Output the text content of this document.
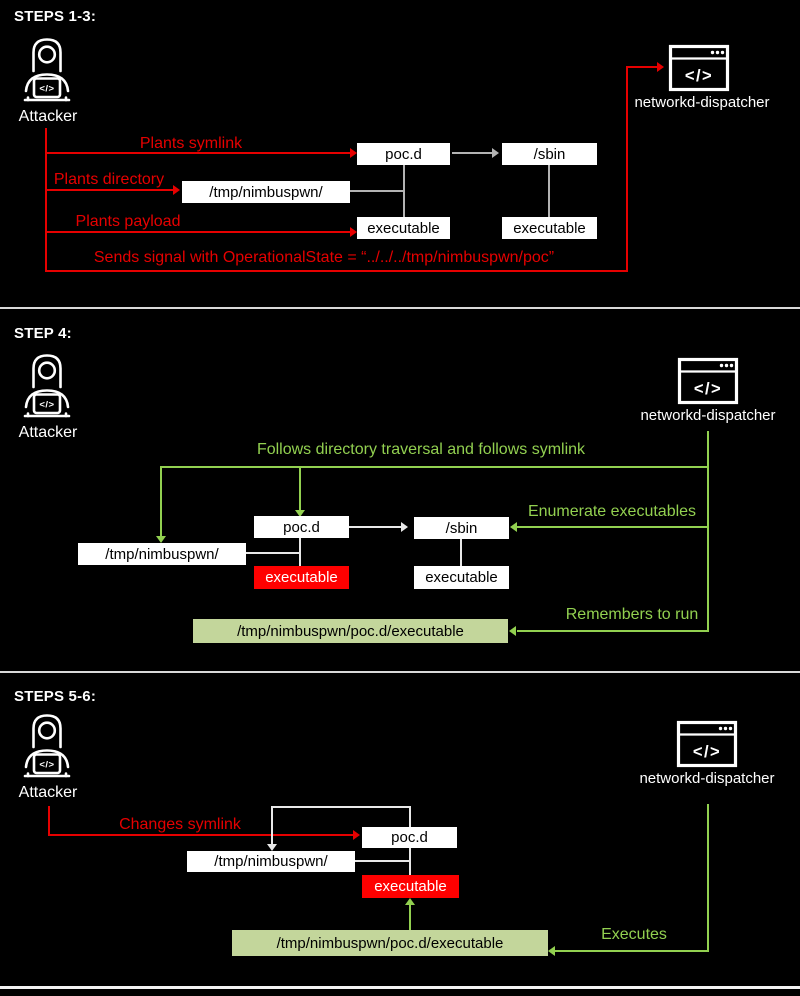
STEPS 1-3:
Attacker
networkd-dispatcher
Plants symlink
Plants directory
Plants payload
Sends signal with OperationalState = “../../../tmp/nimbuspwn/poc”
poc.d	/sbin
/tmp/nimbuspwn/
executable	executable
STEP 4:
Attacker
networkd-dispatcher
Follows directory traversal and follows symlink
poc.d	/sbin
/tmp/nimbuspwn/
executable	executable
Enumerate executables
/tmp/nimbuspwn/poc.d/executable
Remembers to run
STEPS 5-6:
Attacker
networkd-dispatcher
Changes symlink
poc.d
/tmp/nimbuspwn/
executable
/tmp/nimbuspwn/poc.d/executable	Executes
